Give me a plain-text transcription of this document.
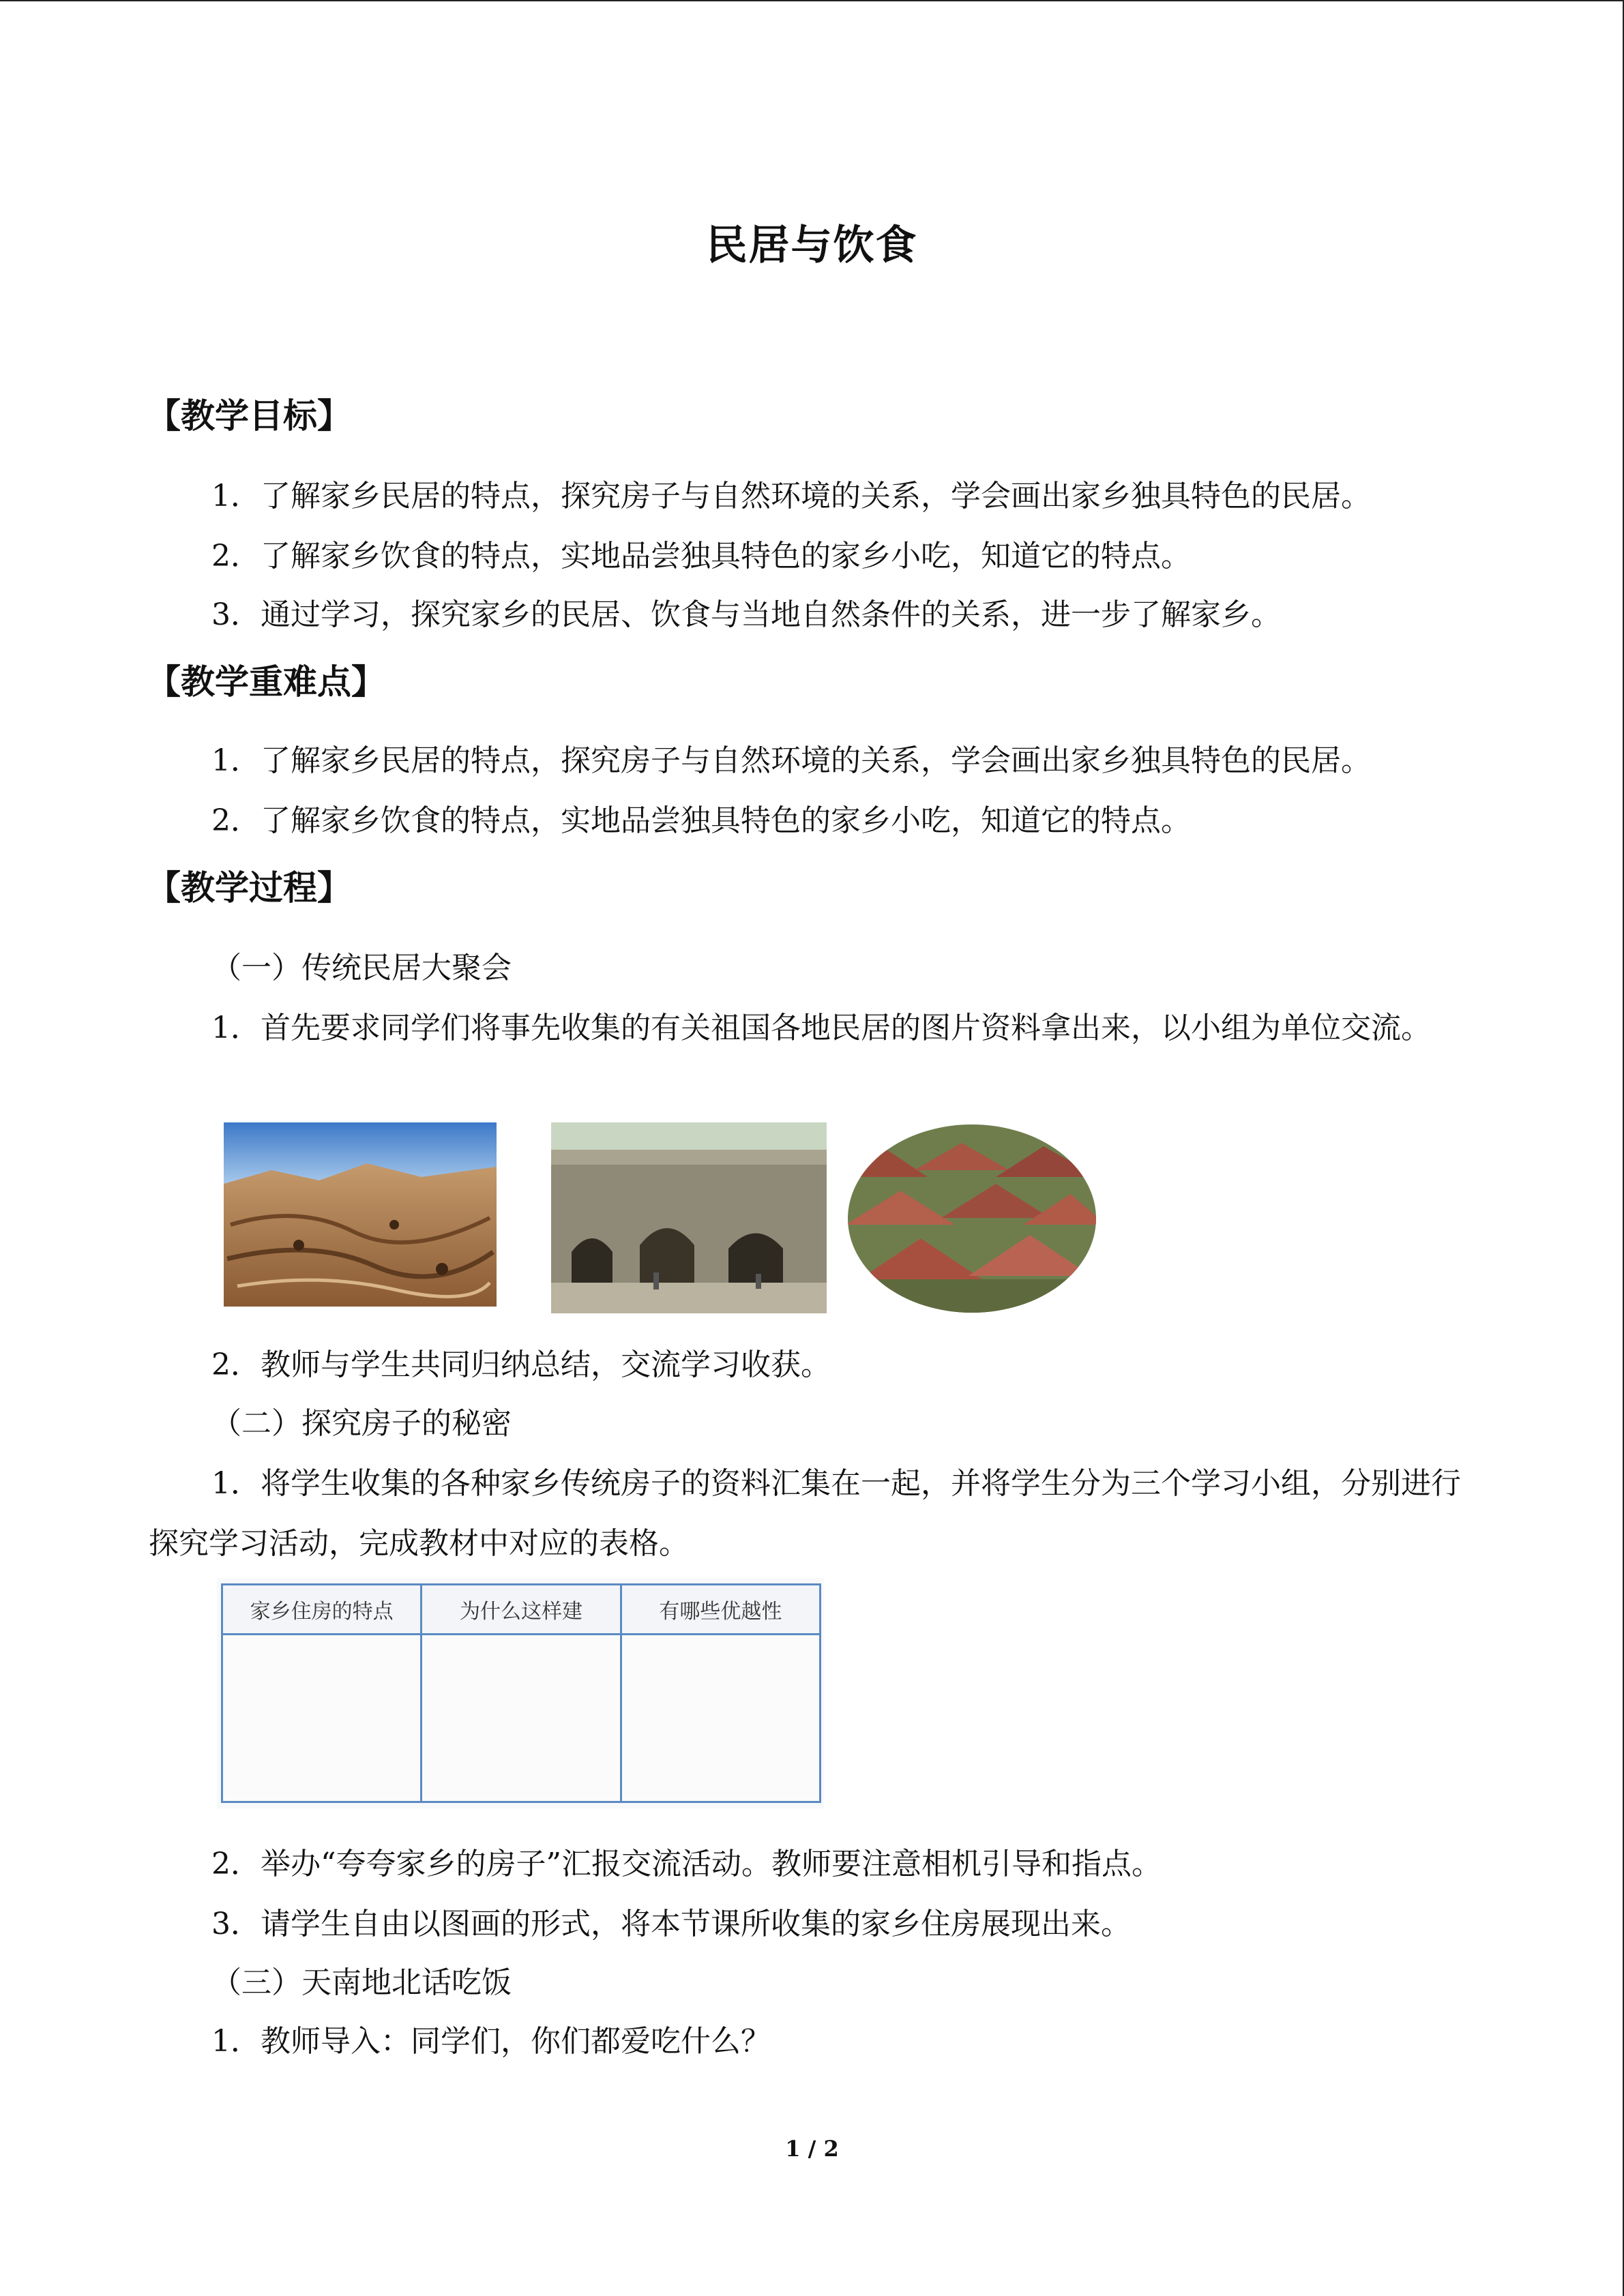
民居与饮食
【教学目标】
1．了解家乡民居的特点，探究房子与自然环境的关系，学会画出家乡独具特色的民居。
2．了解家乡饮食的特点，实地品尝独具特色的家乡小吃，知道它的特点。
3．通过学习，探究家乡的民居、饮食与当地自然条件的关系，进一步了解家乡。
【教学重难点】
1．了解家乡民居的特点，探究房子与自然环境的关系，学会画出家乡独具特色的民居。
2．了解家乡饮食的特点，实地品尝独具特色的家乡小吃，知道它的特点。
【教学过程】
（一）传统民居大聚会
1．首先要求同学们将事先收集的有关祖国各地民居的图片资料拿出来，以小组为单位交流。
2．教师与学生共同归纳总结，交流学习收获。
（二）探究房子的秘密
1．将学生收集的各种家乡传统房子的资料汇集在一起，并将学生分为三个学习小组，分别进行探究学习活动，完成教材中对应的表格。
家乡住房的特点	为什么这样建	有哪些优越性

2．举办“夸夸家乡的房子”汇报交流活动。教师要注意相机引导和指点。
3．请学生自由以图画的形式，将本节课所收集的家乡住房展现出来。
（三）天南地北话吃饭
1．教师导入：同学们，你们都爱吃什么？
1 / 2
